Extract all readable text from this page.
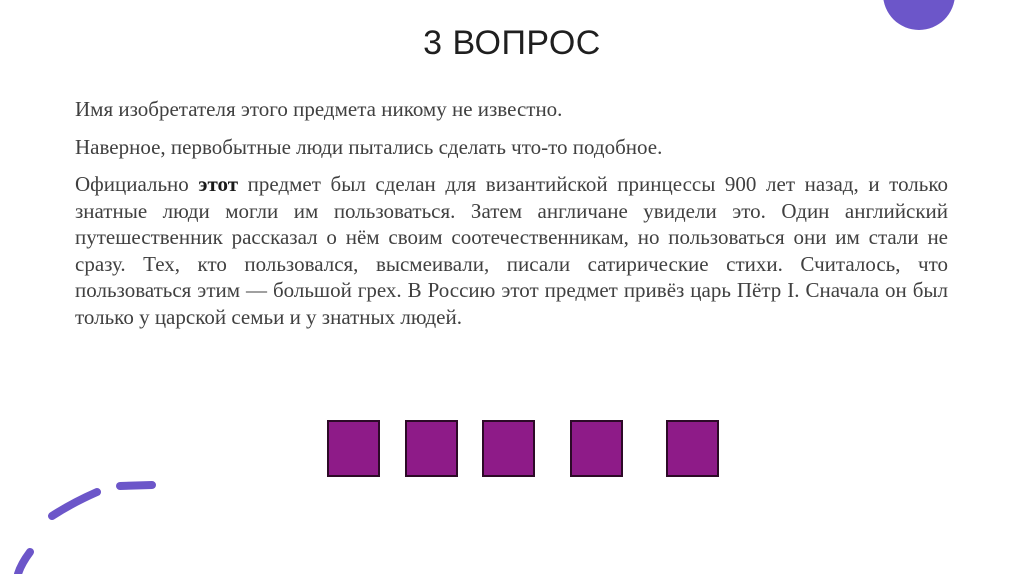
3 ВОПРОС

Имя изобретателя этого предмета никому не известно.

Наверное, первобытные люди пытались сделать что-то подобное.

Официально этот предмет был сделан для византийской принцессы 900 лет назад, и только знатные люди могли им пользоваться. Затем англичане увидели это. Один английский путешественник рассказал о нём своим соотечественникам, но пользоваться они им стали не сразу. Тех, кто пользовался, высмеивали, писали сатирические стихи. Считалось, что пользоваться этим — большой грех. В Россию этот предмет привёз царь Пётр I. Сначала он был только у царской семьи и у знатных людей.
